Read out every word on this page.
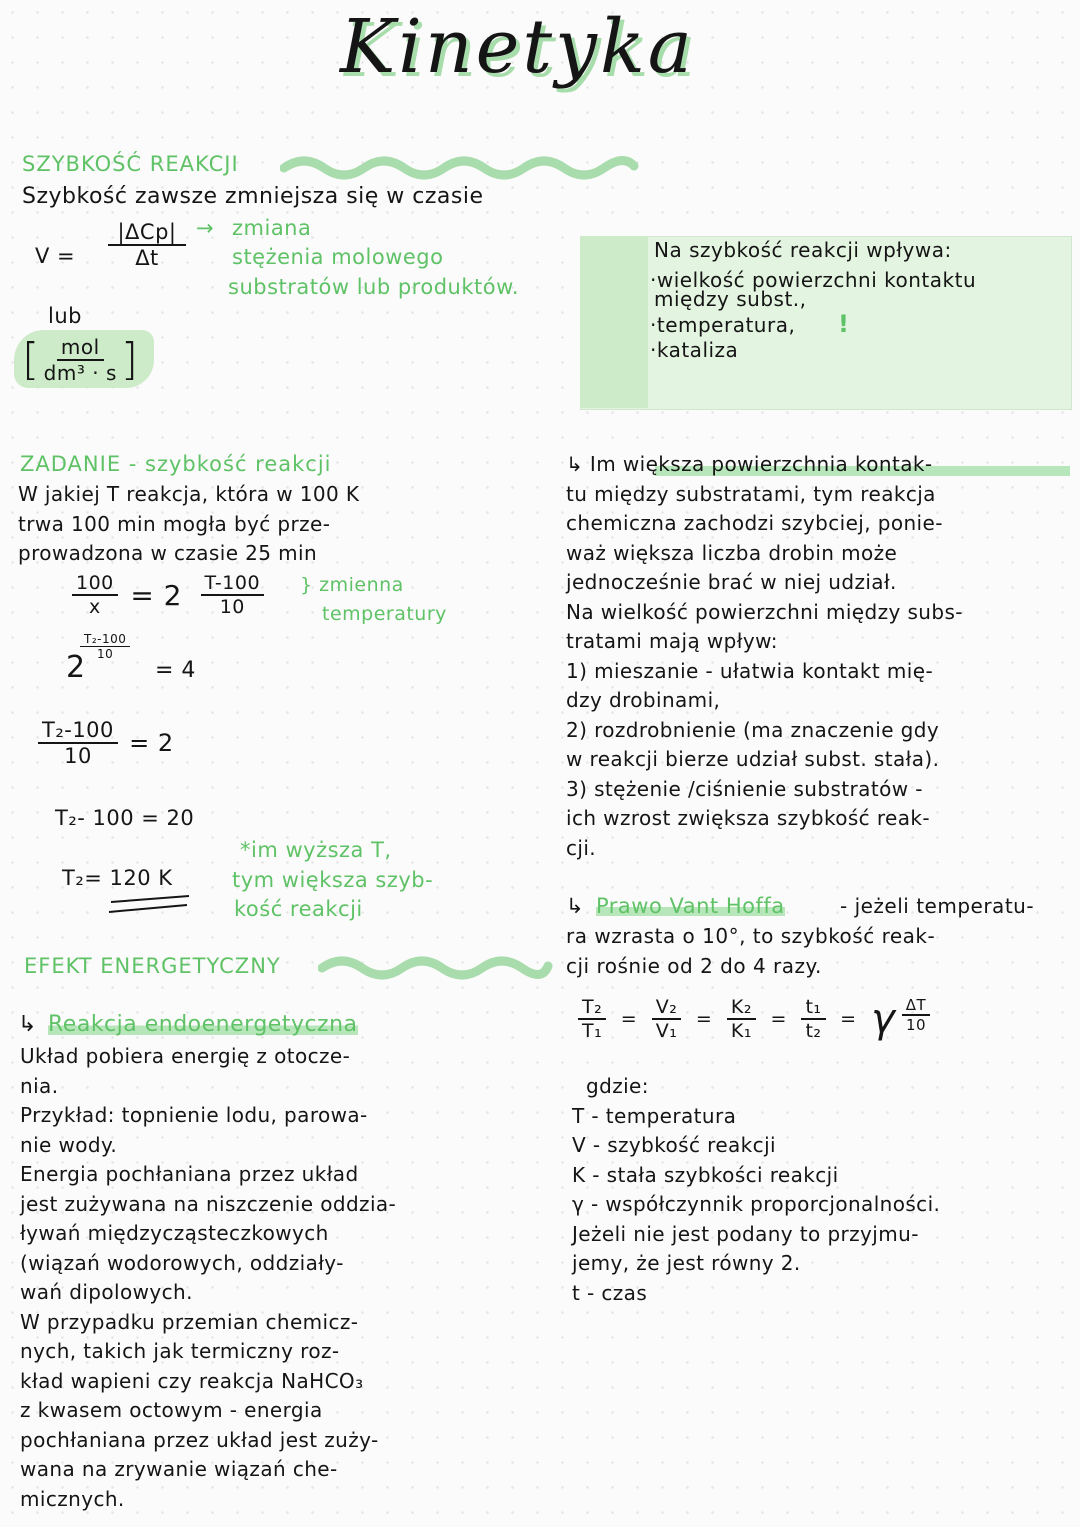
Kinetyka
SZYBKOŚĆ REAKCJI
Szybkość zawsze zmniejsza się w czasie
$V = \frac{\text{|ΔCp|}}{\Delta t}$ → zmiana
stężenia molowego
substratów lub produktów.
lub
[ $\frac{\text{mol}}{\text{dm³ · s}}$ ]
Na szybkość reakcji wpływa:
·wielkość powierzchni kontaktu
między subst.,
·temperatura, !
·kataliza
ZADANIE - szybkość reakcji
W jakiej T reakcja, która w 100 K
trwa 100 min mogła być prze-
prowadzona w czasie 25 min
$\frac{100}{x} = 2 \frac{T-100}{10}$ } zmienna
temperatury
2
$\frac{\text{T₂-100}}{10}$
= 4
$\frac{\text{T₂-100}}{10} = 2$
T₂- 100 = 20
T₂= 120 K
*im wyższa T,
tym większa szyb-
kość reakcji
EFEKT ENERGETYCZNY
↳ Reakcja endoenergetyczna
Układ pobiera energię z otocze-
nia.
Przykład: topnienie lodu, parowa-
nie wody.
Energia pochłaniana przez układ
jest zużywana na niszczenie oddzia-
ływań międzycząsteczkowych
(wiązań wodorowych, oddziały-
wań dipolowych.
W przypadku przemian chemicz-
nych, takich jak termiczny roz-
kład wapieni czy reakcja NaHCO₃
z kwasem octowym - energia
pochłaniana przez układ jest zuży-
wana na zrywanie wiązań che-
micznych.
↳ Im większa powierzchnia kontak-
tu między substratami, tym reakcja
chemiczna zachodzi szybciej, ponie-
waż większa liczba drobin może
jednocześnie brać w niej udział.
Na wielkość powierzchni między subs-
tratami mają wpływ:
1) mieszanie - ułatwia kontakt mię-
dzy drobinami,
2) rozdrobnienie (ma znaczenie gdy
w reakcji bierze udział subst. stała).
3) stężenie /ciśnienie substratów -
ich wzrost zwiększa szybkość reak-
cji.
↳ Prawo Vant Hoffa	- jeżeli temperatu-
ra wzrasta o 10°, to szybkość reak-
cji rośnie od 2 do 4 razy.
$\frac{\text{T₂}}{\text{T₁}} = \frac{\text{V₂}}{\text{V₁}} = \frac{\text{K₂}}{\text{K₁}} = \frac{\text{t₁}}{\text{t₂}} = \gamma \frac{\Delta T}{10}$
gdzie:
T - temperatura
V - szybkość reakcji
K - stała szybkości reakcji
γ - współczynnik proporcjonalności.
Jeżeli nie jest podany to przyjmu-
jemy, że jest równy 2.
t - czas
